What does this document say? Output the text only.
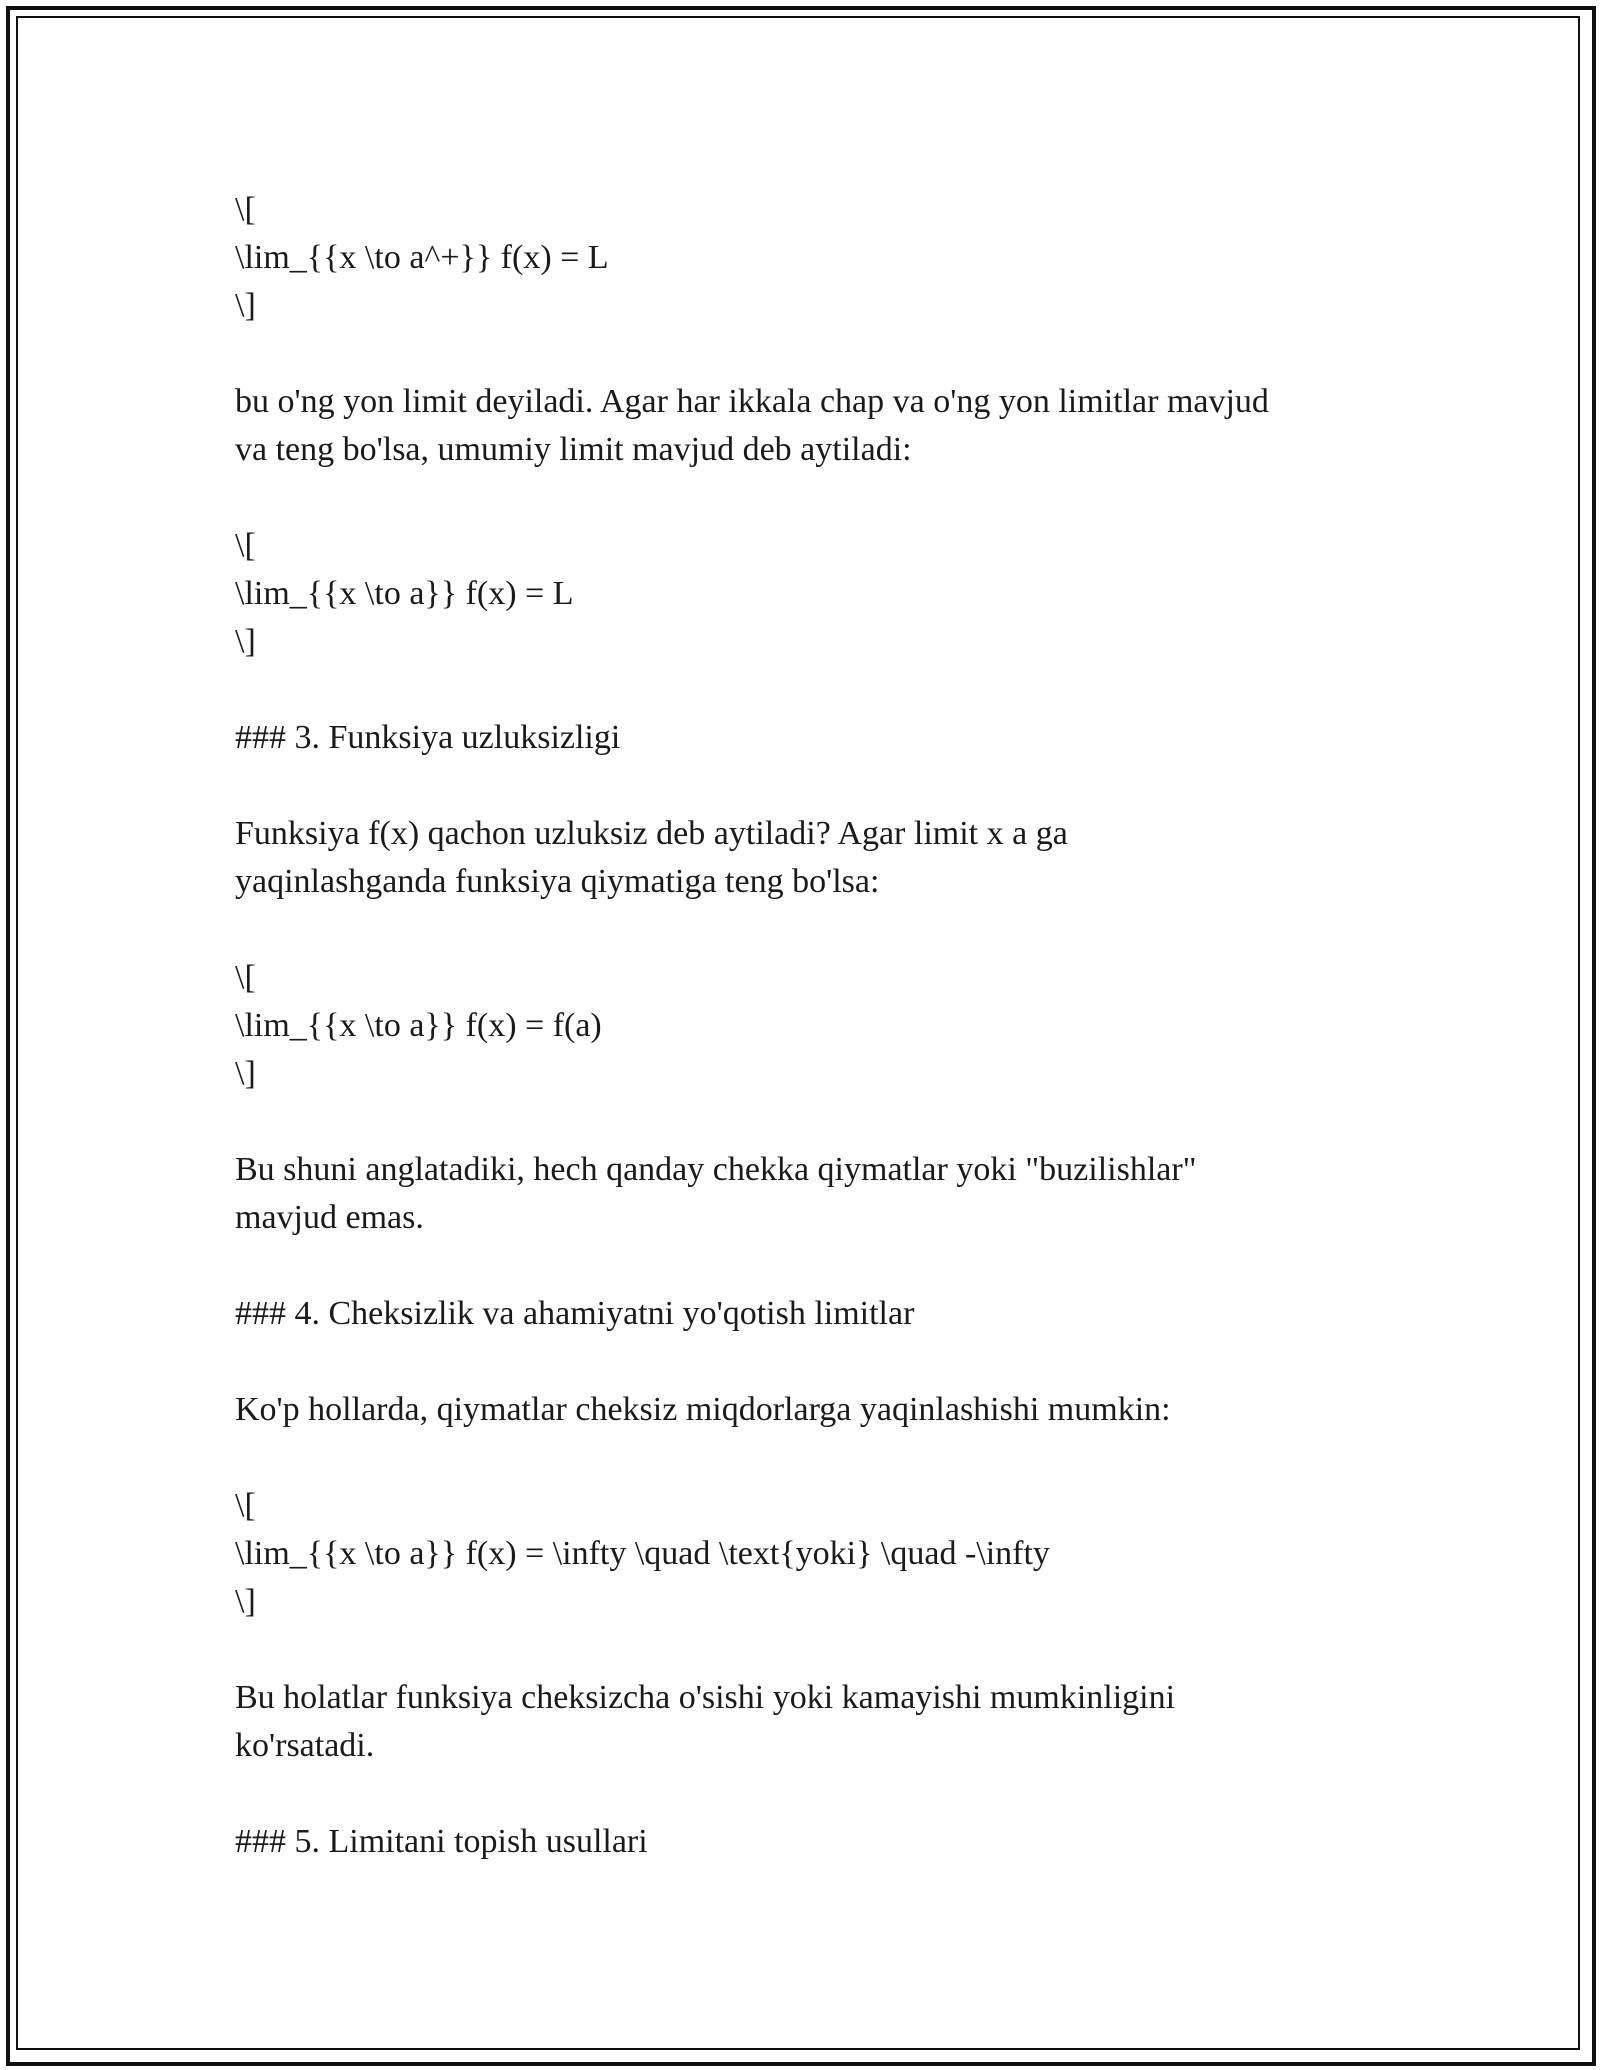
\[
\lim_{{x \to a^+}} f(x) = L
\]
bu o'ng yon limit deyiladi. Agar har ikkala chap va o'ng yon limitlar mavjud
va teng bo'lsa, umumiy limit mavjud deb aytiladi:
\[
\lim_{{x \to a}} f(x) = L
\]
### 3. Funksiya uzluksizligi
Funksiya f(x) qachon uzluksiz deb aytiladi? Agar limit x a ga
yaqinlashganda funksiya qiymatiga teng bo'lsa:
\[
\lim_{{x \to a}} f(x) = f(a)
\]
Bu shuni anglatadiki, hech qanday chekka qiymatlar yoki "buzilishlar"
mavjud emas.
### 4. Cheksizlik va ahamiyatni yo'qotish limitlar
Ko'p hollarda, qiymatlar cheksiz miqdorlarga yaqinlashishi mumkin:
\[
\lim_{{x \to a}} f(x) = \infty \quad \text{yoki} \quad -\infty
\]
Bu holatlar funksiya cheksizcha o'sishi yoki kamayishi mumkinligini
ko'rsatadi.
### 5. Limitani topish usullari
